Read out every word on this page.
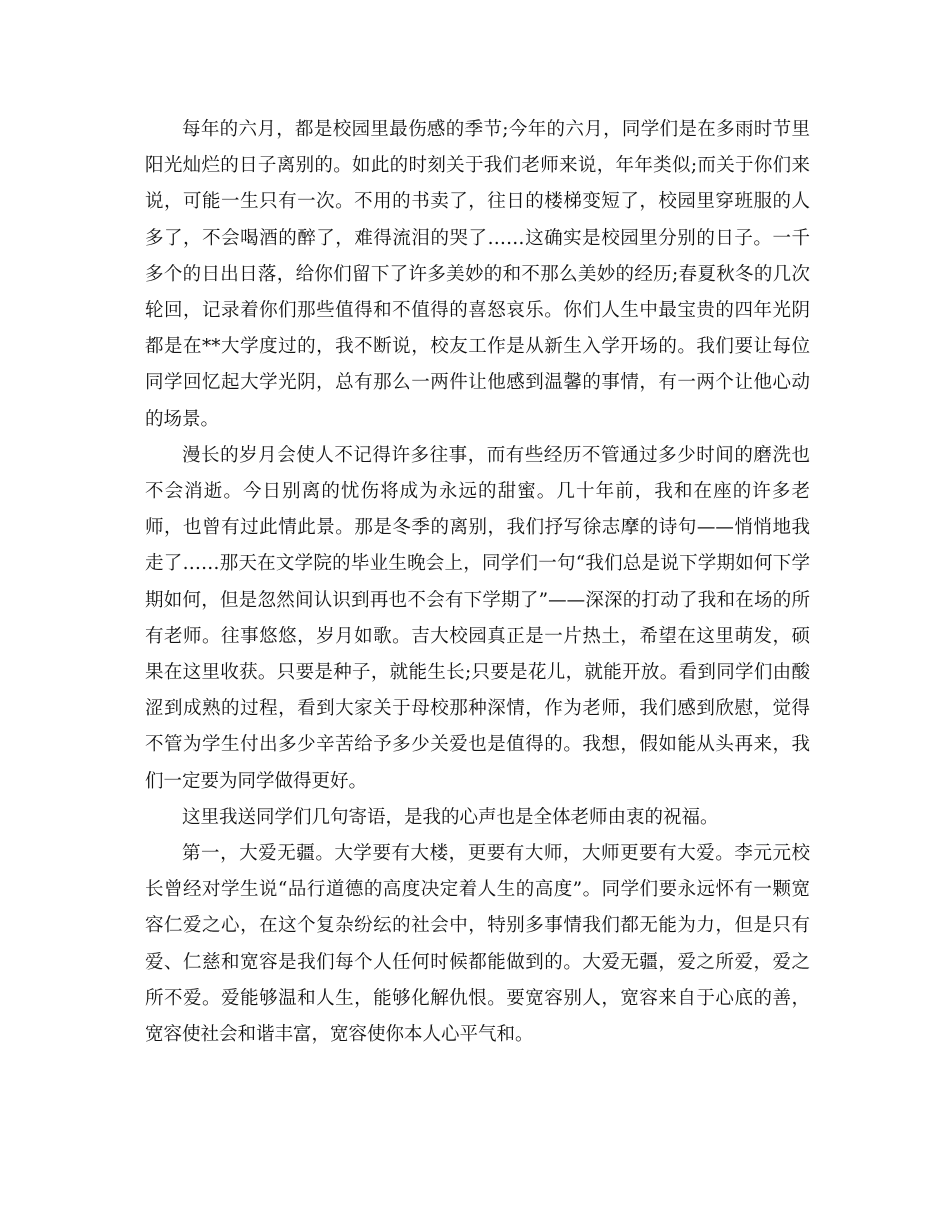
每年的六月，都是校园里最伤感的季节;今年的六月，同学们是在多雨时节里阳光灿烂的日子离别的。如此的时刻关于我们老师来说，年年类似;而关于你们来说，可能一生只有一次。不用的书卖了，往日的楼梯变短了，校园里穿班服的人多了，不会喝酒的醉了，难得流泪的哭了……这确实是校园里分别的日子。一千多个的日出日落，给你们留下了许多美妙的和不那么美妙的经历;春夏秋冬的几次轮回，记录着你们那些值得和不值得的喜怒哀乐。你们人生中最宝贵的四年光阴都是在**大学度过的，我不断说，校友工作是从新生入学开场的。我们要让每位同学回忆起大学光阴，总有那么一两件让他感到温馨的事情，有一两个让他心动的场景。

漫长的岁月会使人不记得许多往事，而有些经历不管通过多少时间的磨洗也不会消逝。今日别离的忧伤将成为永远的甜蜜。几十年前，我和在座的许多老师，也曾有过此情此景。那是冬季的离别，我们抒写徐志摩的诗句——悄悄地我走了……那天在文学院的毕业生晚会上，同学们一句“我们总是说下学期如何下学期如何，但是忽然间认识到再也不会有下学期了”——深深的打动了我和在场的所有老师。往事悠悠，岁月如歌。吉大校园真正是一片热土，希望在这里萌发，硕果在这里收获。只要是种子，就能生长;只要是花儿，就能开放。看到同学们由酸涩到成熟的过程，看到大家关于母校那种深情，作为老师，我们感到欣慰，觉得不管为学生付出多少辛苦给予多少关爱也是值得的。我想，假如能从头再来，我们一定要为同学做得更好。

这里我送同学们几句寄语，是我的心声也是全体老师由衷的祝福。

第一，大爱无疆。大学要有大楼，更要有大师，大师更要有大爱。李元元校长曾经对学生说“品行道德的高度决定着人生的高度”。同学们要永远怀有一颗宽容仁爱之心，在这个复杂纷纭的社会中，特别多事情我们都无能为力，但是只有爱、仁慈和宽容是我们每个人任何时候都能做到的。大爱无疆，爱之所爱，爱之所不爱。爱能够温和人生，能够化解仇恨。要宽容别人，宽容来自于心底的善，宽容使社会和谐丰富，宽容使你本人心平气和。
